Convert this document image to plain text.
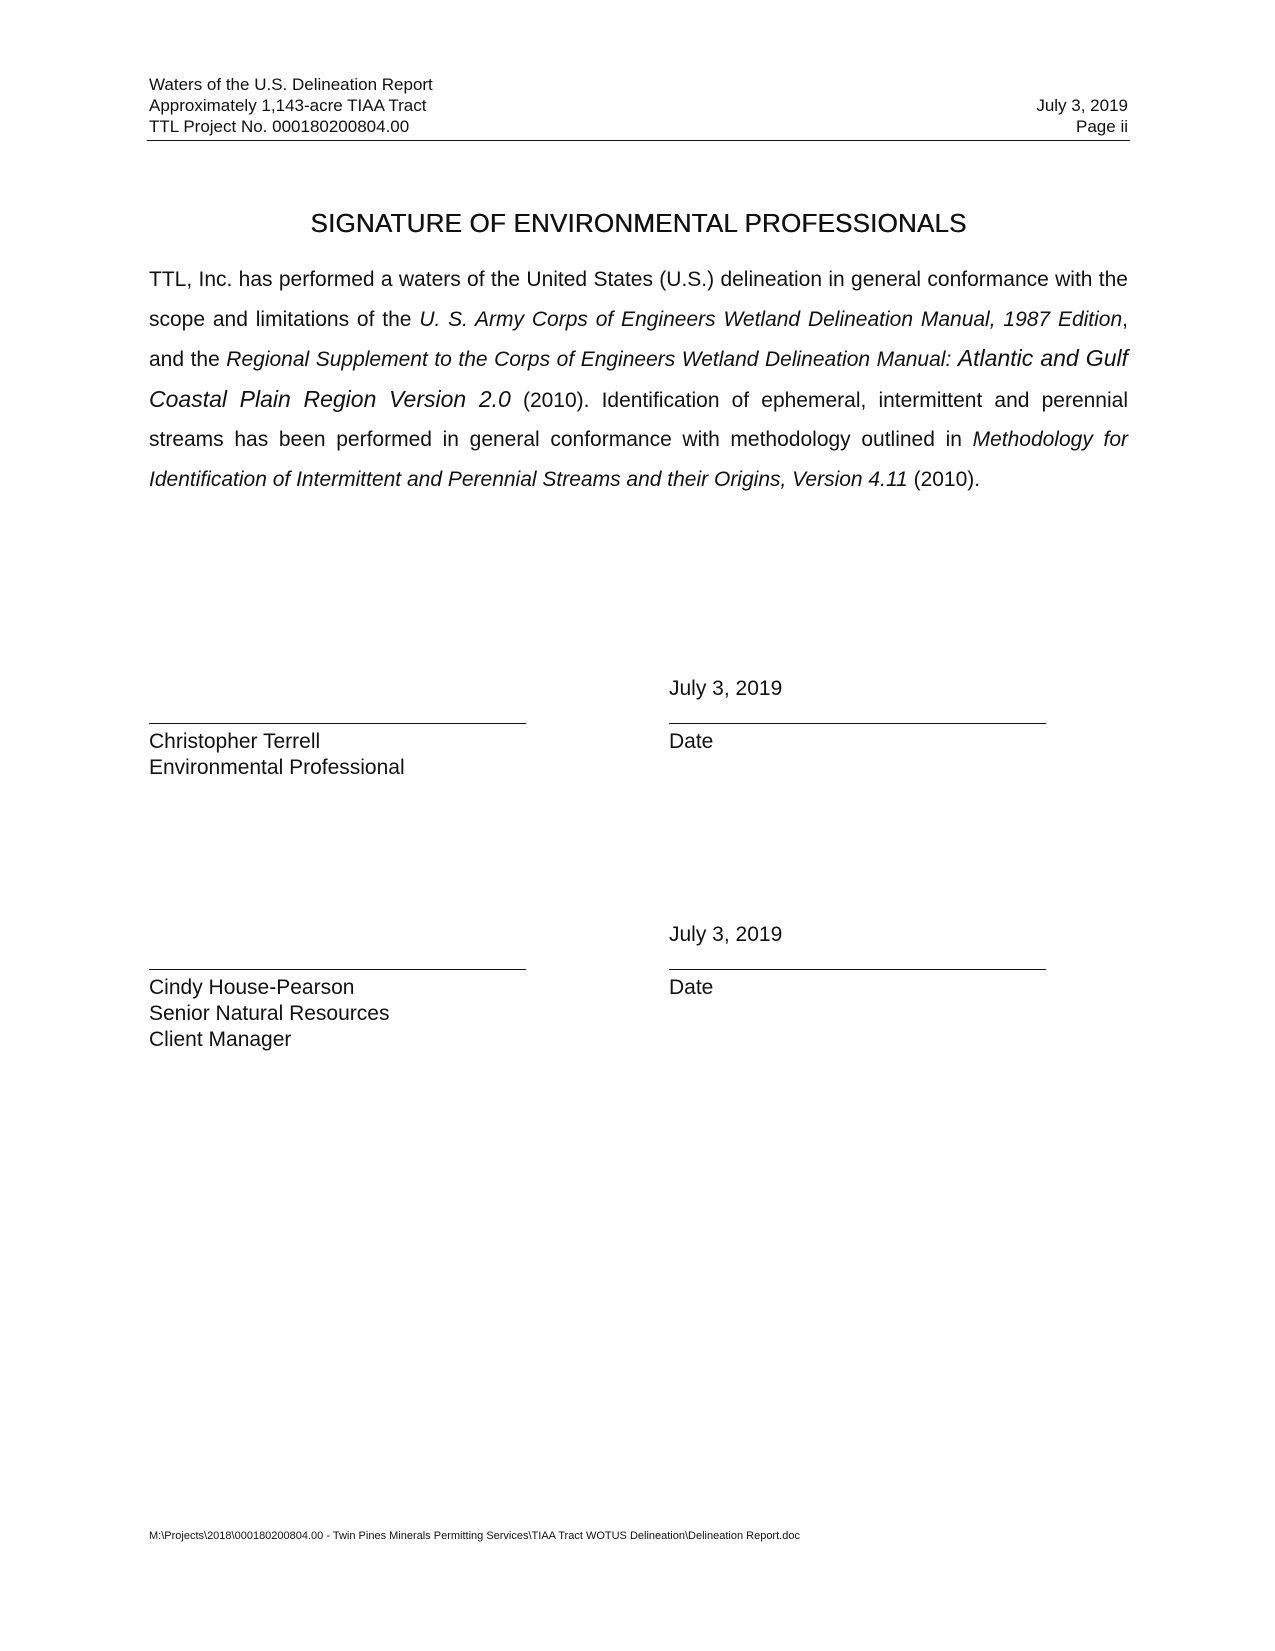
Waters of the U.S. Delineation Report
Approximately 1,143-acre TIAA Tract	July 3, 2019
TTL Project No. 000180200804.00	Page ii
SIGNATURE OF ENVIRONMENTAL PROFESSIONALS
TTL, Inc. has performed a waters of the United States (U.S.) delineation in general conformance with the scope and limitations of the U. S. Army Corps of Engineers Wetland Delineation Manual, 1987 Edition, and the Regional Supplement to the Corps of Engineers Wetland Delineation Manual: Atlantic and Gulf Coastal Plain Region Version 2.0 (2010). Identification of ephemeral, intermittent and perennial streams has been performed in general conformance with methodology outlined in Methodology for Identification of Intermittent and Perennial Streams and their Origins, Version 4.11 (2010).
July 3, 2019
Christopher Terrell
Environmental Professional
Date
July 3, 2019
Cindy House-Pearson
Senior Natural Resources
Client Manager
Date
M:\Projects\2018\000180200804.00 - Twin Pines Minerals Permitting Services\TIAA Tract WOTUS Delineation\Delineation Report.doc
